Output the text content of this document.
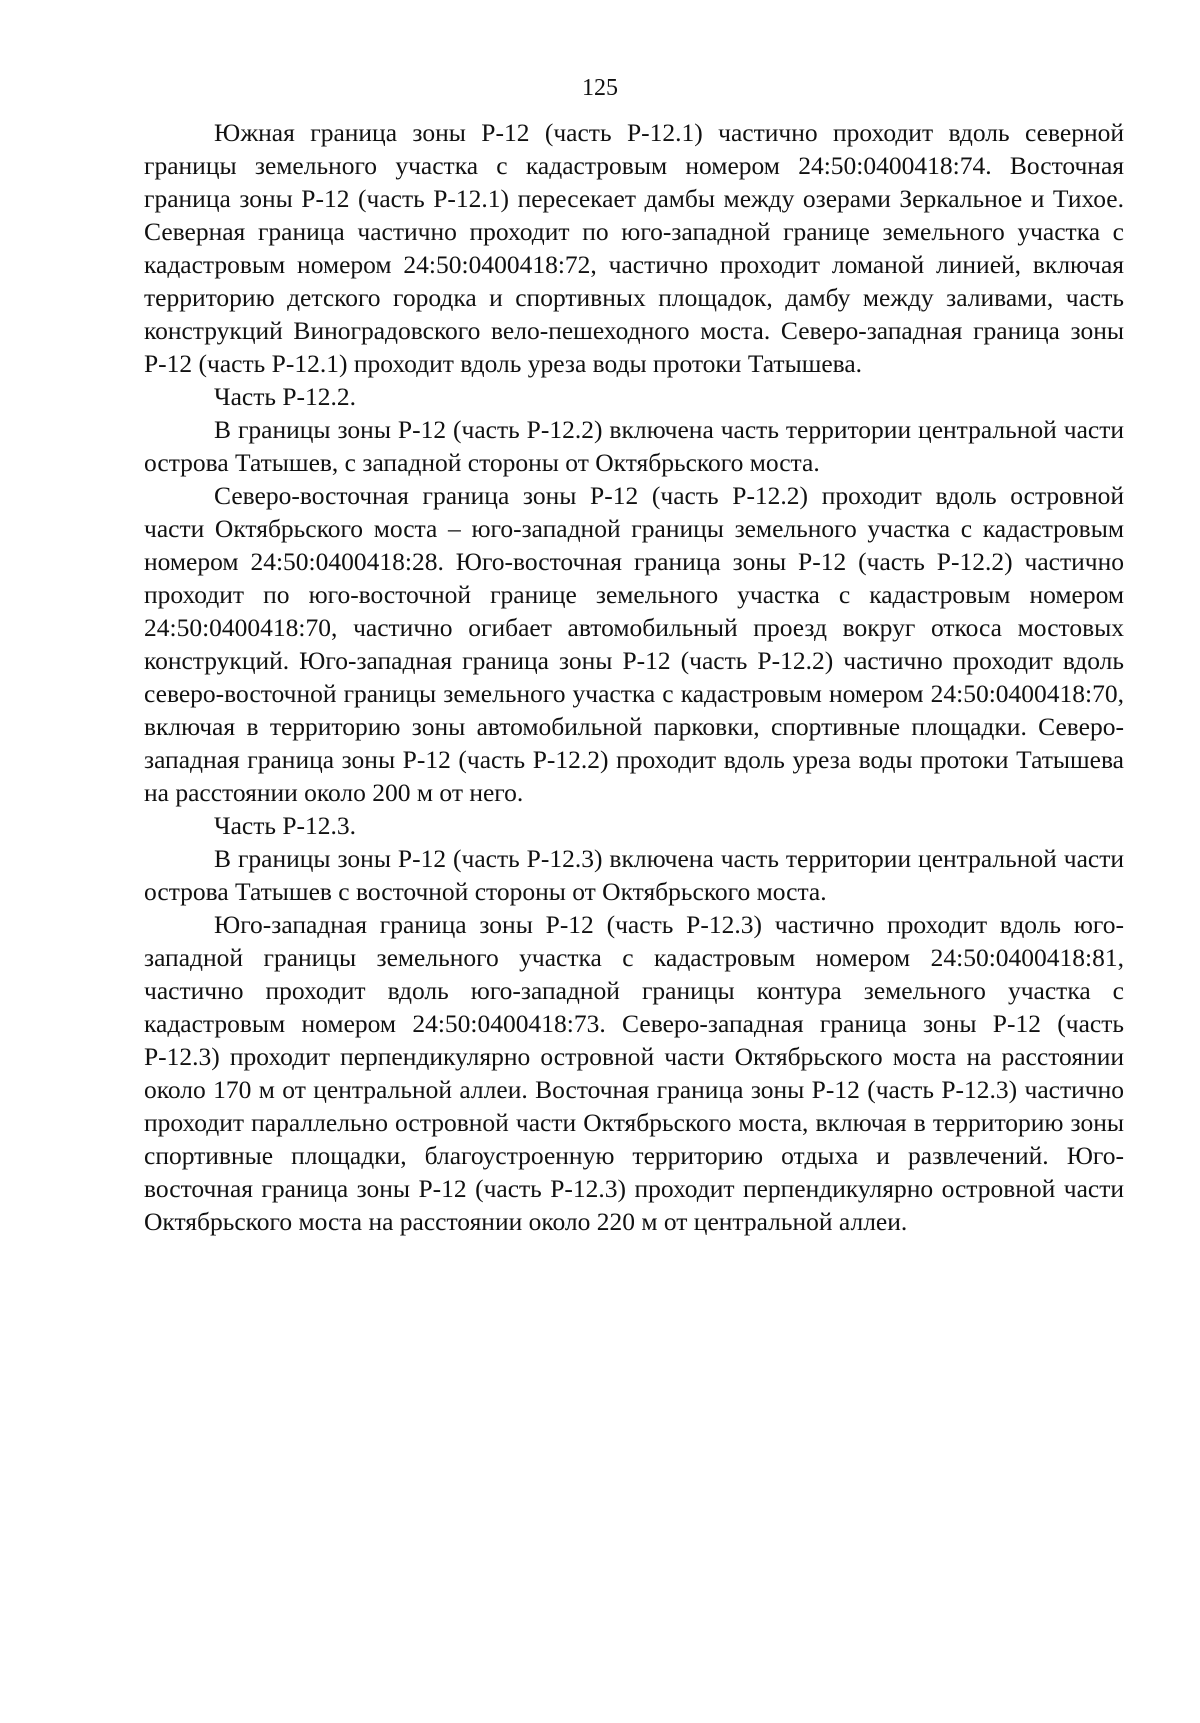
125

Южная граница зоны Р-12 (часть Р-12.1) частично проходит вдоль северной границы земельного участка с кадастровым номером 24:50:0400418:74. Восточная граница зоны Р-12 (часть Р-12.1) пересекает дамбы между озерами Зеркальное и Тихое. Северная граница частично проходит по юго-западной границе земельного участка с кадастровым номером 24:50:0400418:72, частично проходит ломаной линией, включая территорию детского городка и спортивных площадок, дамбу между заливами, часть конструкций Виноградовского вело-пешеходного моста. Северо-западная граница зоны Р-12 (часть Р-12.1) проходит вдоль уреза воды протоки Татышева.

Часть Р-12.2.

В границы зоны Р-12 (часть Р-12.2) включена часть территории центральной части острова Татышев, с западной стороны от Октябрьского моста.

Северо-восточная граница зоны Р-12 (часть Р-12.2) проходит вдоль островной части Октябрьского моста – юго-западной границы земельного участка с кадастровым номером 24:50:0400418:28. Юго-восточная граница зоны Р-12 (часть Р-12.2) частично проходит по юго-восточной границе земельного участка с кадастровым номером 24:50:0400418:70, частично огибает автомобильный проезд вокруг откоса мостовых конструкций. Юго-западная граница зоны Р-12 (часть Р-12.2) частично проходит вдоль северо-восточной границы земельного участка с кадастровым номером 24:50:0400418:70, включая в территорию зоны автомобильной парковки, спортивные площадки. Северо-западная граница зоны Р-12 (часть Р-12.2) проходит вдоль уреза воды протоки Татышева на расстоянии около 200 м от него.

Часть Р-12.3.

В границы зоны Р-12 (часть Р-12.3) включена часть территории центральной части острова Татышев с восточной стороны от Октябрьского моста.

Юго-западная граница зоны Р-12 (часть Р-12.3) частично проходит вдоль юго-западной границы земельного участка с кадастровым номером 24:50:0400418:81, частично проходит вдоль юго-западной границы контура земельного участка с кадастровым номером 24:50:0400418:73. Северо-западная граница зоны Р-12 (часть Р-12.3) проходит перпендикулярно островной части Октябрьского моста на расстоянии около 170 м от центральной аллеи. Восточная граница зоны Р-12 (часть Р-12.3) частично проходит параллельно островной части Октябрьского моста, включая в территорию зоны спортивные площадки, благоустроенную территорию отдыха и развлечений. Юго-восточная граница зоны Р-12 (часть Р-12.3) проходит перпендикулярно островной части Октябрьского моста на расстоянии около 220 м от центральной аллеи.
